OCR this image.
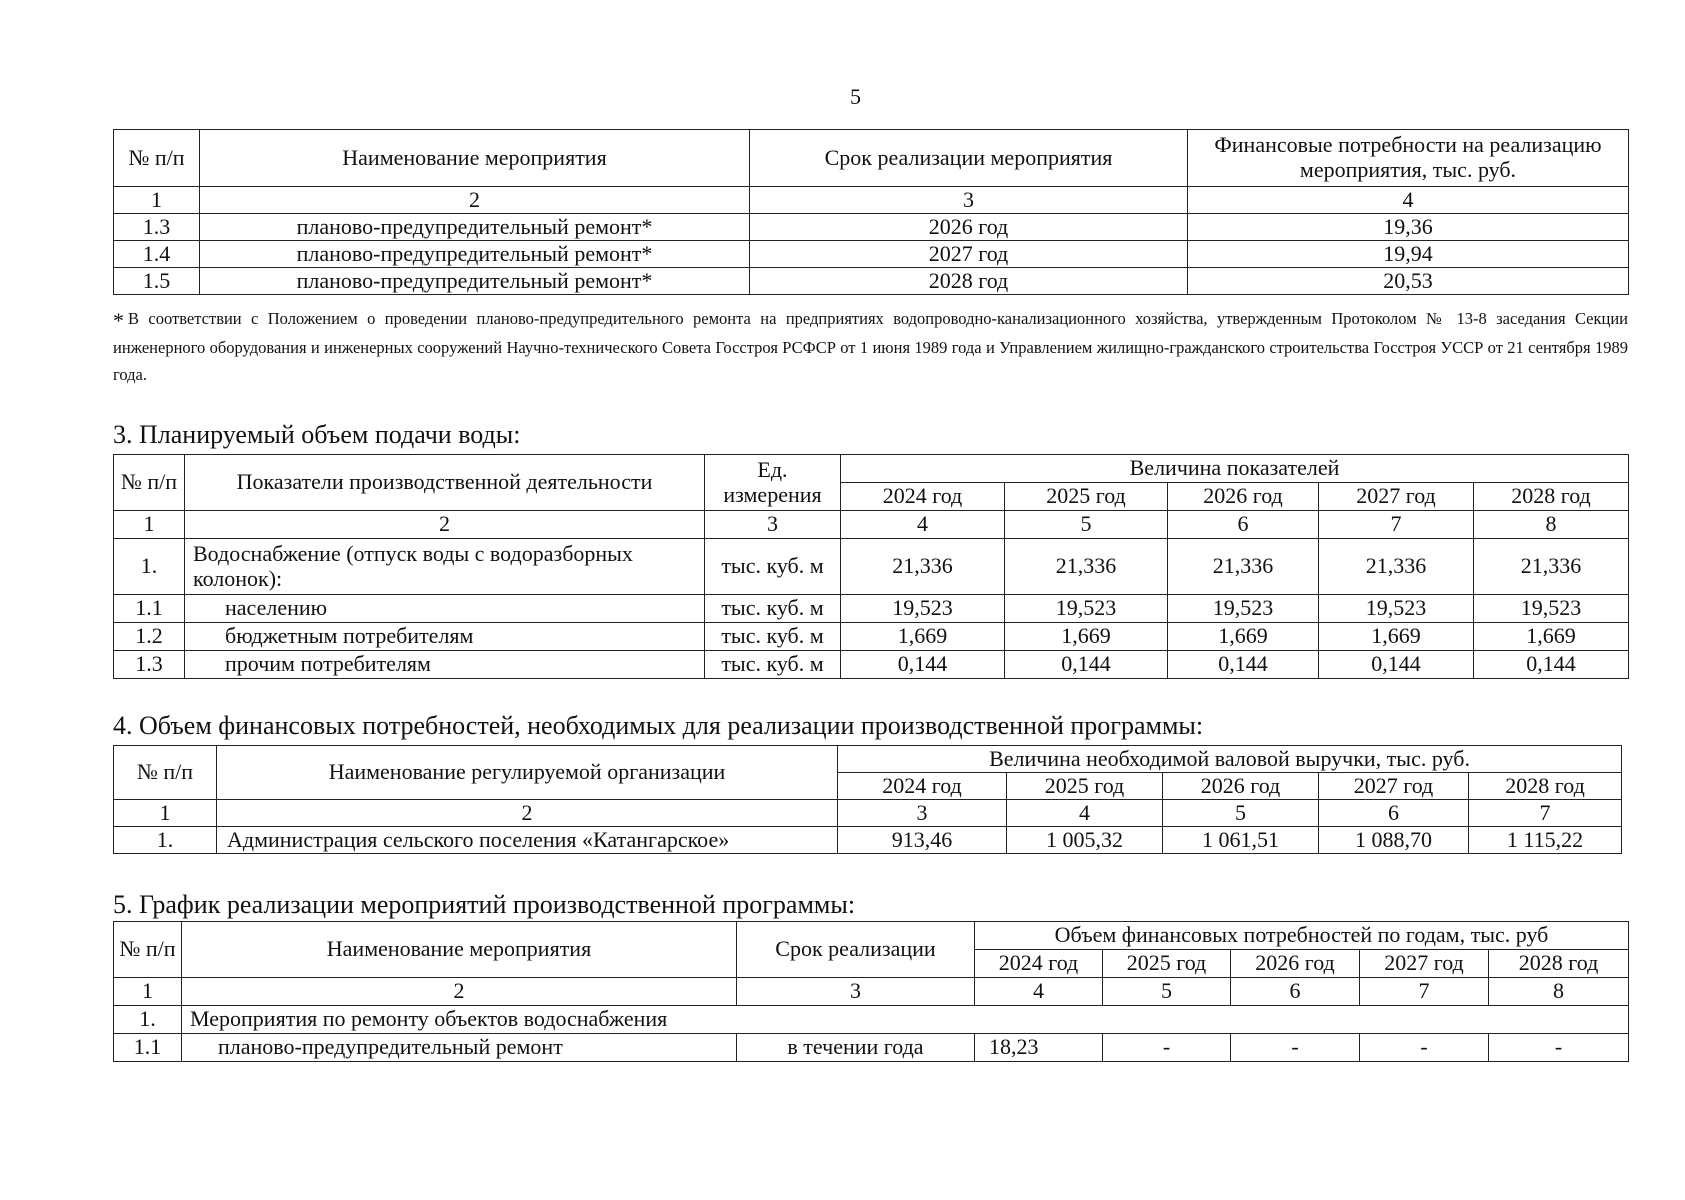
5
№ п/п	Наименование мероприятия	Срок реализации мероприятия	Финансовые потребности на реализацию мероприятия, тыс. руб.
1	2	3	4
1.3	планово-предупредительный ремонт*	2026 год	19,36
1.4	планово-предупредительный ремонт*	2027 год	19,94
1.5	планово-предупредительный ремонт*	2028 год	20,53
* В соответствии с Положением о проведении планово-предупредительного ремонта на предприятиях водопроводно-канализационного хозяйства, утвержденным Протоколом № 13-8 заседания Секции инженерного оборудования и инженерных сооружений Научно-технического Совета Госстроя РСФСР от 1 июня 1989 года и Управлением жилищно-гражданского строительства Госстроя УССР от 21 сентября 1989 года.
3. Планируемый объем подачи воды:
№ п/п	Показатели производственной деятельности	Ед. измерения	Величина показателей				
			2024 год	2025 год	2026 год	2027 год	2028 год
1	2	3	4	5	6	7	8
1.	Водоснабжение (отпуск воды с водоразборных колонок):	тыс. куб. м	21,336	21,336	21,336	21,336	21,336
1.1	населению	тыс. куб. м	19,523	19,523	19,523	19,523	19,523
1.2	бюджетным потребителям	тыс. куб. м	1,669	1,669	1,669	1,669	1,669
1.3	прочим потребителям	тыс. куб. м	0,144	0,144	0,144	0,144	0,144
4. Объем финансовых потребностей, необходимых для реализации производственной программы:
№ п/п	Наименование регулируемой организации	Величина необходимой валовой выручки, тыс. руб.				
		2024 год	2025 год	2026 год	2027 год	2028 год
1	2	3	4	5	6	7
1.	Администрация сельского поселения «Катангарское»	913,46	1 005,32	1 061,51	1 088,70	1 115,22
5. График реализации мероприятий производственной программы:
№ п/п	Наименование мероприятия	Срок реализации	Объем финансовых потребностей по годам, тыс. руб				
			2024 год	2025 год	2026 год	2027 год	2028 год
1	2	3	4	5	6	7	8
1.	Мероприятия по ремонту объектов водоснабжения						
1.1	планово-предупредительный ремонт	в течении года	18,23	-	-	-	-
